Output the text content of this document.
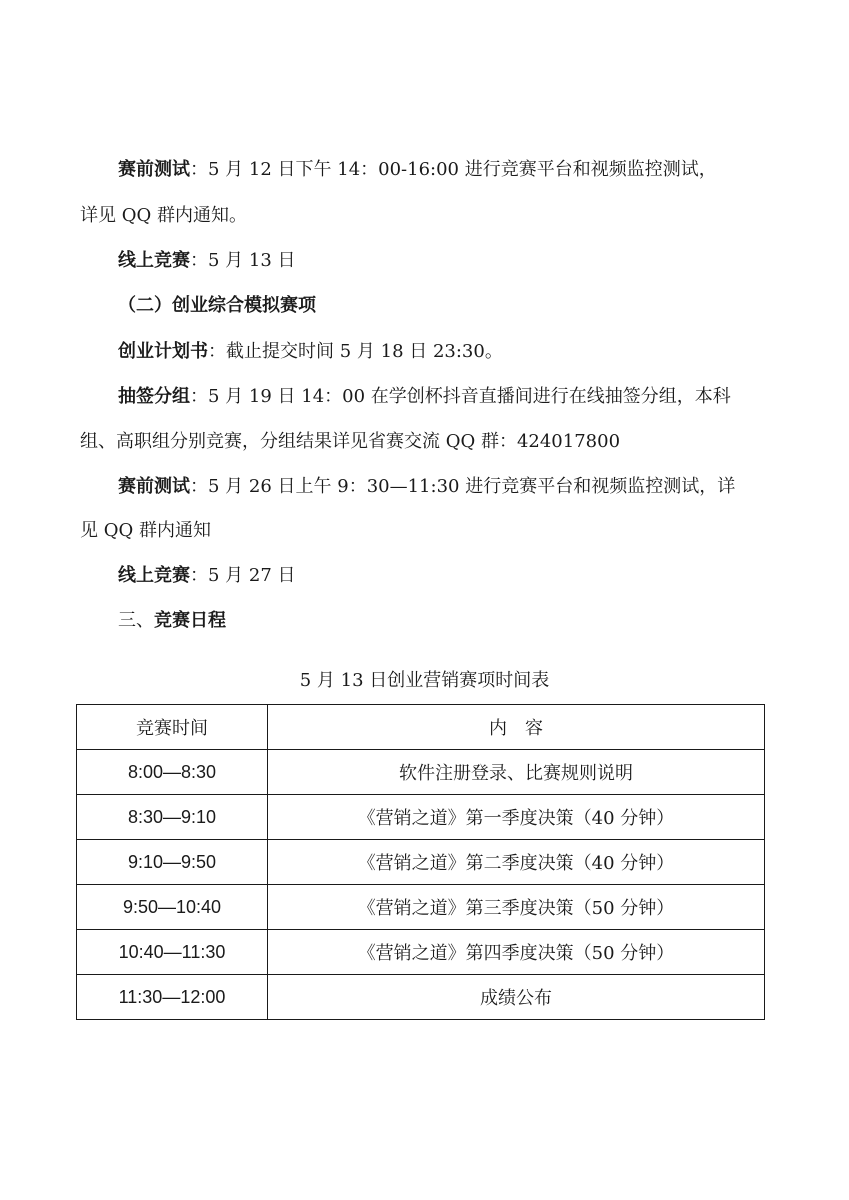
赛前测试：5 月 12 日下午 14：00-16:00 进行竞赛平台和视频监控测试，
详见 QQ 群内通知。
线上竞赛：5 月 13 日
（二）创业综合模拟赛项
创业计划书：截止提交时间 5 月 18 日 23:30。
抽签分组：5 月 19 日 14：00 在学创杯抖音直播间进行在线抽签分组，本科
组、高职组分别竞赛，分组结果详见省赛交流 QQ 群：424017800
赛前测试：5 月 26 日上午 9：30—11:30 进行竞赛平台和视频监控测试，详
见 QQ 群内通知
线上竞赛：5 月 27 日
三、竞赛日程
5 月 13 日创业营销赛项时间表
竞赛时间	内　容
8:00—8:30	软件注册登录、比赛规则说明
8:30—9:10	《营销之道》第一季度决策（40 分钟）
9:10—9:50	《营销之道》第二季度决策（40 分钟）
9:50—10:40	《营销之道》第三季度决策（50 分钟）
10:40—11:30	《营销之道》第四季度决策（50 分钟）
11:30—12:00	成绩公布
